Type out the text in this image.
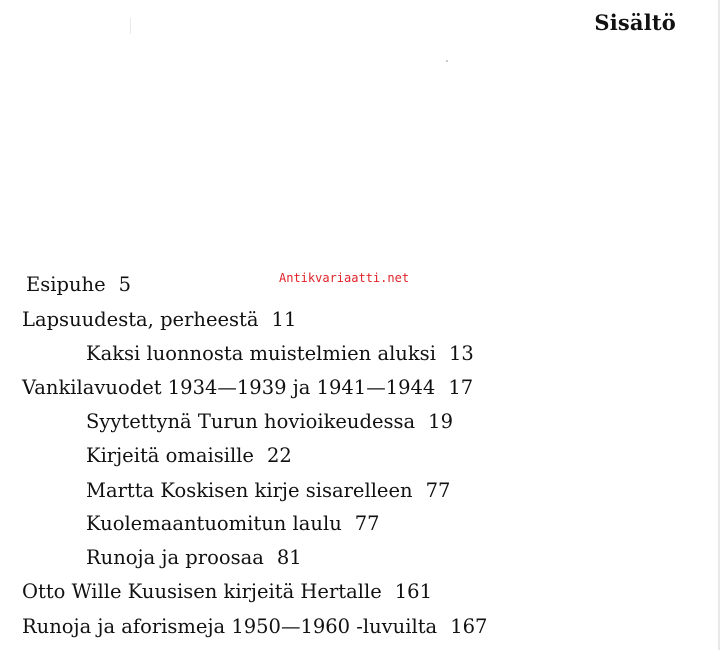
Sisältö
Antikvariaatti.net
Esipuhe 5
Lapsuudesta, perheestä 11
Kaksi luonnosta muistelmien aluksi 13
Vankilavuodet 1934—1939 ja 1941—1944 17
Syytettynä Turun hovioikeudessa 19
Kirjeitä omaisille 22
Martta Koskisen kirje sisarelleen 77
Kuolemaantuomitun laulu 77
Runoja ja proosaa 81
Otto Wille Kuusisen kirjeitä Hertalle 161
Runoja ja aforismeja 1950—1960 -luvuilta 167
